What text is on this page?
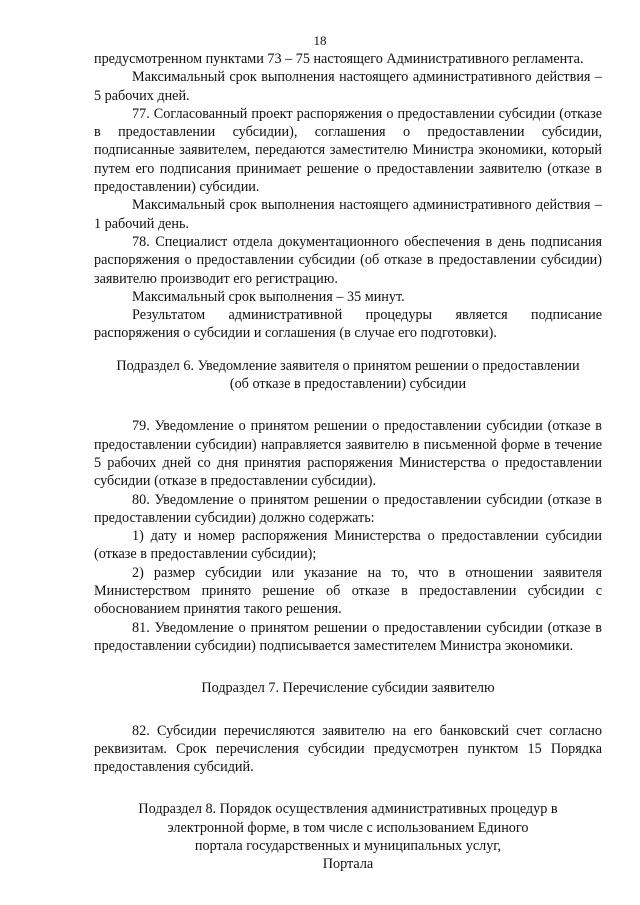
18

предусмотренном пунктами 73 – 75 настоящего Административного регламента.

Максимальный срок выполнения настоящего административного действия – 5 рабочих дней.

77. Согласованный проект распоряжения о предоставлении субсидии (отказе в предоставлении субсидии), соглашения о предоставлении субсидии, подписанные заявителем, передаются заместителю Министра экономики, который путем его подписания принимает решение о предоставлении заявителю (отказе в предоставлении) субсидии.

Максимальный срок выполнения настоящего административного действия – 1 рабочий день.

78. Специалист отдела документационного обеспечения в день подписания распоряжения о предоставлении субсидии (об отказе в предоставлении субсидии) заявителю производит его регистрацию.

Максимальный срок выполнения – 35 минут.

Результатом административной процедуры является подписание распоряжения о субсидии и соглашения (в случае его подготовки).

Подраздел 6. Уведомление заявителя о принятом решении о предоставлении
(об отказе в предоставлении) субсидии

79. Уведомление о принятом решении о предоставлении субсидии (отказе в предоставлении субсидии) направляется заявителю в письменной форме в течение 5 рабочих дней со дня принятия распоряжения Министерства о предоставлении субсидии (отказе в предоставлении субсидии).

80. Уведомление о принятом решении о предоставлении субсидии (отказе в предоставлении субсидии) должно содержать:

1) дату и номер распоряжения Министерства о предоставлении субсидии (отказе в предоставлении субсидии);

2) размер субсидии или указание на то, что в отношении заявителя Министерством принято решение об отказе в предоставлении субсидии с обоснованием принятия такого решения.

81. Уведомление о принятом решении о предоставлении субсидии (отказе в предоставлении субсидии) подписывается заместителем Министра экономики.

Подраздел 7. Перечисление субсидии заявителю

82. Субсидии перечисляются заявителю на его банковский счет согласно реквизитам. Срок перечисления субсидии предусмотрен пунктом 15 Порядка предоставления субсидий.

Подраздел 8. Порядок осуществления административных процедур в
электронной форме, в том числе с использованием Единого
портала государственных и муниципальных услуг,
Портала
